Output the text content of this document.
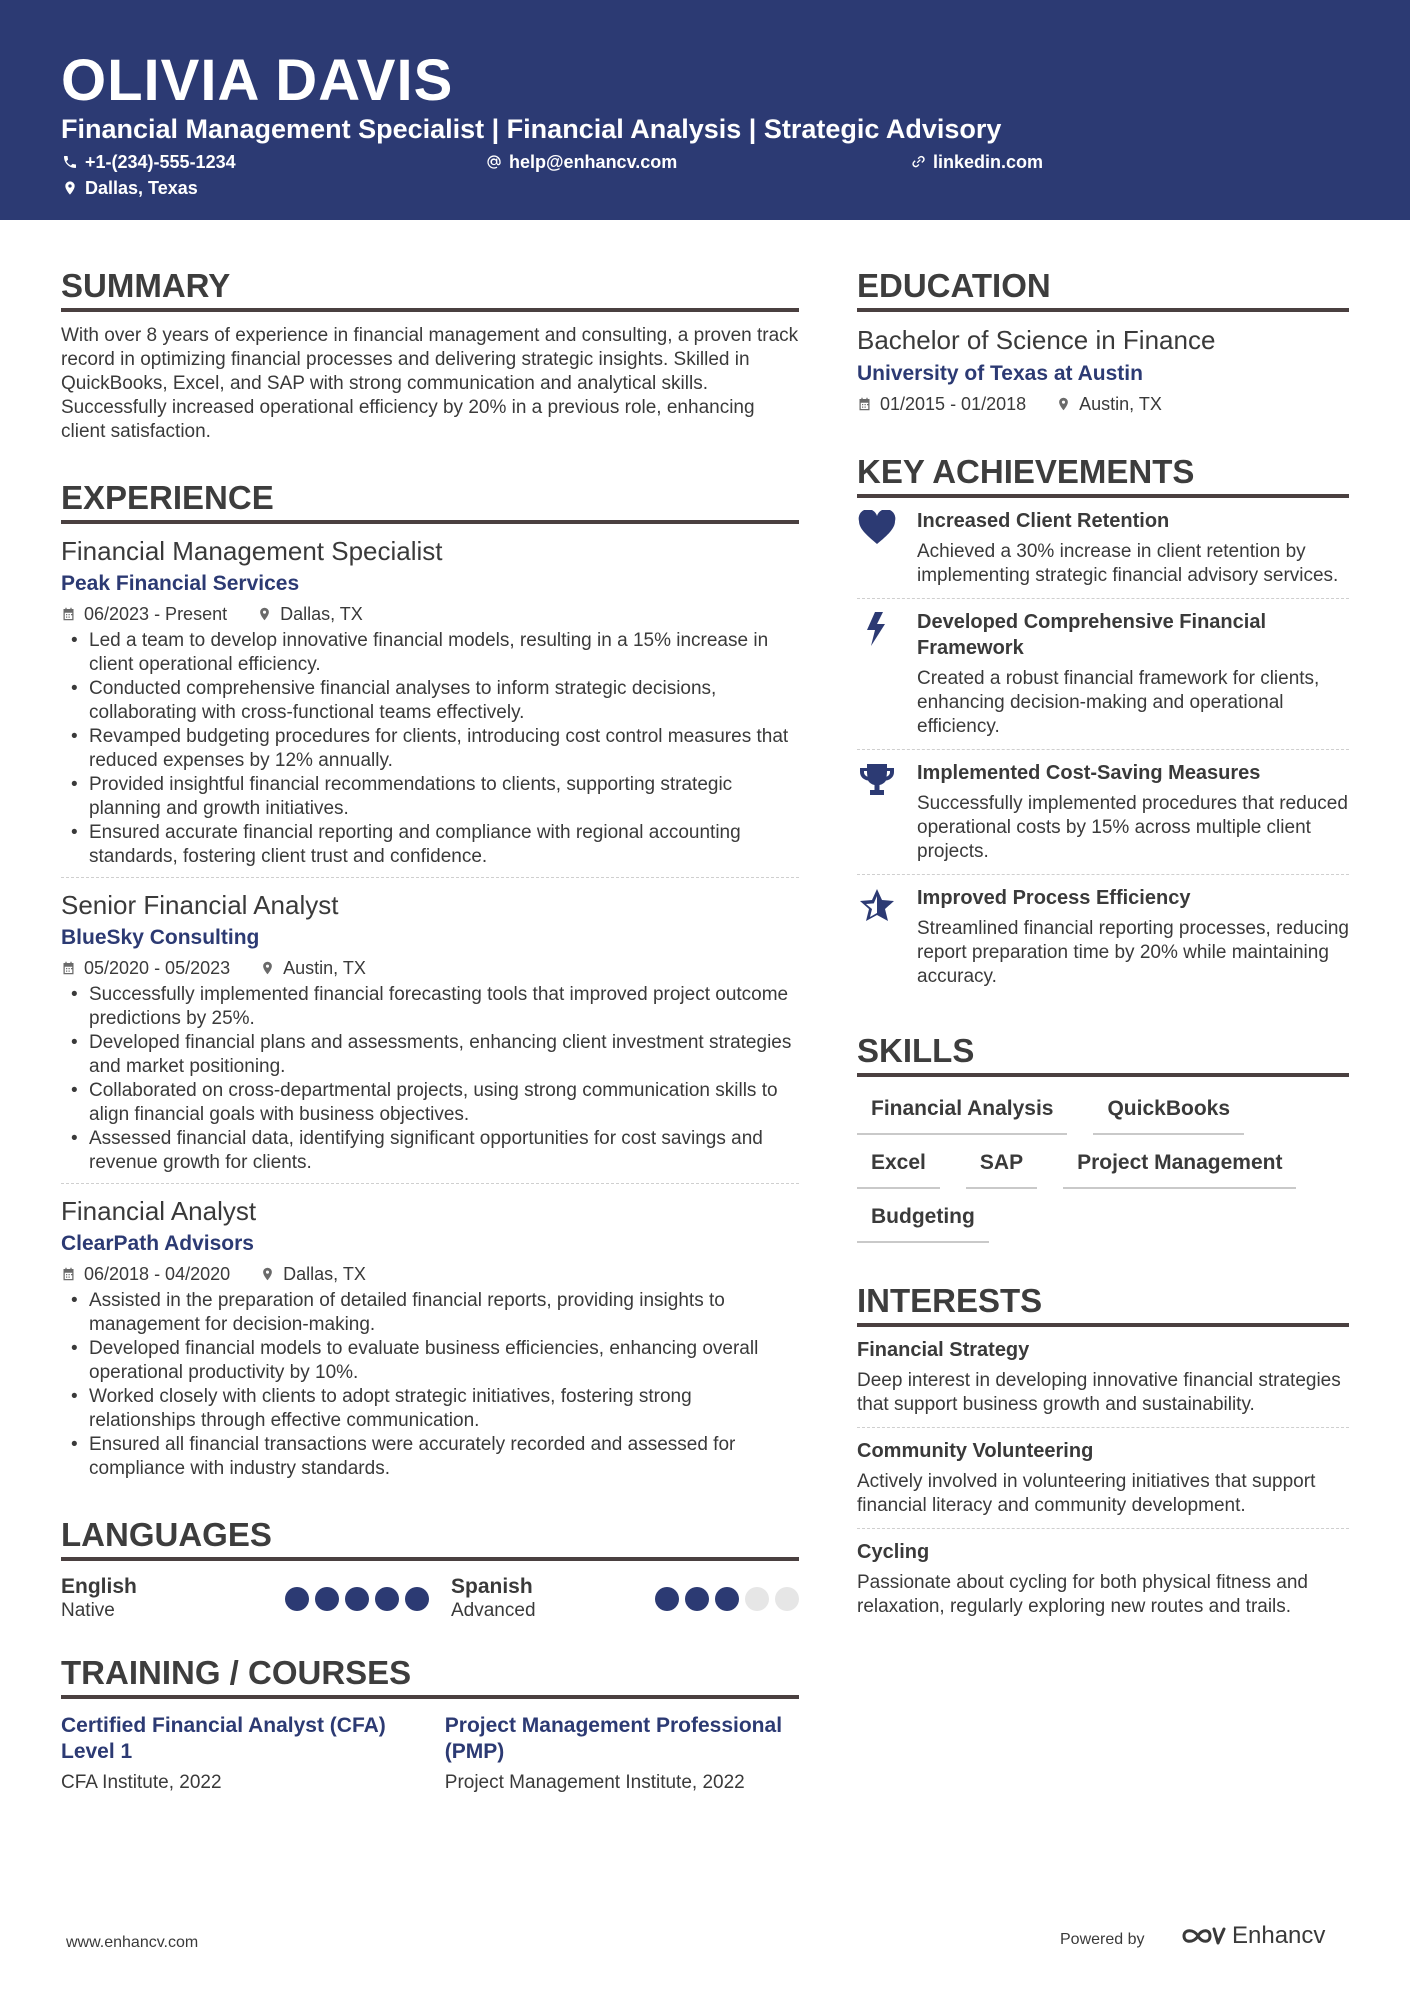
OLIVIA DAVIS
Financial Management Specialist | Financial Analysis | Strategic Advisory
+1-(234)-555-1234	help@enhancv.com	linkedin.com
Dallas, Texas
SUMMARY
With over 8 years of experience in financial management and consulting, a proven track record in optimizing financial processes and delivering strategic insights. Skilled in QuickBooks, Excel, and SAP with strong communication and analytical skills. Successfully increased operational efficiency by 20% in a previous role, enhancing client satisfaction.
EXPERIENCE
Financial Management Specialist
Peak Financial Services
06/2023 - Present	Dallas, TX
• Led a team to develop innovative financial models, resulting in a 15% increase in client operational efficiency.
• Conducted comprehensive financial analyses to inform strategic decisions, collaborating with cross-functional teams effectively.
• Revamped budgeting procedures for clients, introducing cost control measures that reduced expenses by 12% annually.
• Provided insightful financial recommendations to clients, supporting strategic planning and growth initiatives.
• Ensured accurate financial reporting and compliance with regional accounting standards, fostering client trust and confidence.
Senior Financial Analyst
BlueSky Consulting
05/2020 - 05/2023	Austin, TX
• Successfully implemented financial forecasting tools that improved project outcome predictions by 25%.
• Developed financial plans and assessments, enhancing client investment strategies and market positioning.
• Collaborated on cross-departmental projects, using strong communication skills to align financial goals with business objectives.
• Assessed financial data, identifying significant opportunities for cost savings and revenue growth for clients.
Financial Analyst
ClearPath Advisors
06/2018 - 04/2020	Dallas, TX
• Assisted in the preparation of detailed financial reports, providing insights to management for decision-making.
• Developed financial models to evaluate business efficiencies, enhancing overall operational productivity by 10%.
• Worked closely with clients to adopt strategic initiatives, fostering strong relationships through effective communication.
• Ensured all financial transactions were accurately recorded and assessed for compliance with industry standards.
LANGUAGES
English
Native
Spanish
Advanced
TRAINING / COURSES
Certified Financial Analyst (CFA) Level 1
CFA Institute, 2022
Project Management Professional (PMP)
Project Management Institute, 2022
EDUCATION
Bachelor of Science in Finance
University of Texas at Austin
01/2015 - 01/2018	Austin, TX
KEY ACHIEVEMENTS
Increased Client Retention
Achieved a 30% increase in client retention by implementing strategic financial advisory services.
Developed Comprehensive Financial Framework
Created a robust financial framework for clients, enhancing decision-making and operational efficiency.
Implemented Cost-Saving Measures
Successfully implemented procedures that reduced operational costs by 15% across multiple client projects.
Improved Process Efficiency
Streamlined financial reporting processes, reducing report preparation time by 20% while maintaining accuracy.
SKILLS
Financial Analysis	QuickBooks
Excel	SAP	Project Management
Budgeting
INTERESTS
Financial Strategy
Deep interest in developing innovative financial strategies that support business growth and sustainability.
Community Volunteering
Actively involved in volunteering initiatives that support financial literacy and community development.
Cycling
Passionate about cycling for both physical fitness and relaxation, regularly exploring new routes and trails.
www.enhancv.com	Powered by	Enhancv
